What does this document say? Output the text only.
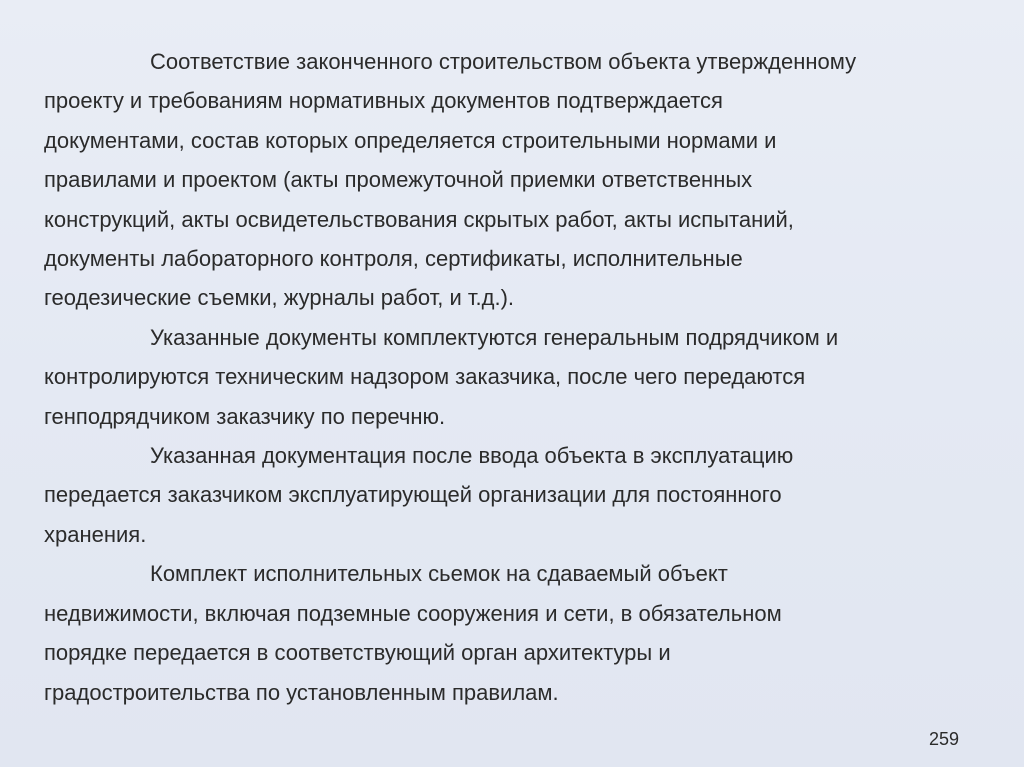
Соответствие законченного строительством объекта утвержденному
проекту и требованиям нормативных документов подтверждается
документами, состав которых определяется строительными нормами и
правилами и проектом (акты промежуточной приемки ответственных
конструкций, акты освидетельствования скрытых работ, акты испытаний,
документы лабораторного контроля, сертификаты, исполнительные
геодезические съемки, журналы работ, и т.д.).
Указанные документы комплектуются генеральным подрядчиком и
контролируются техническим надзором заказчика, после чего передаются
генподрядчиком заказчику по перечню.
Указанная документация после ввода объекта в эксплуатацию
передается заказчиком эксплуатирующей организации для постоянного
хранения.
Комплект исполнительных сьемок на сдаваемый объект
недвижимости, включая подземные сооружения и сети, в обязательном
порядке передается в соответствующий орган архитектуры и
градостроительства по установленным правилам.
259
